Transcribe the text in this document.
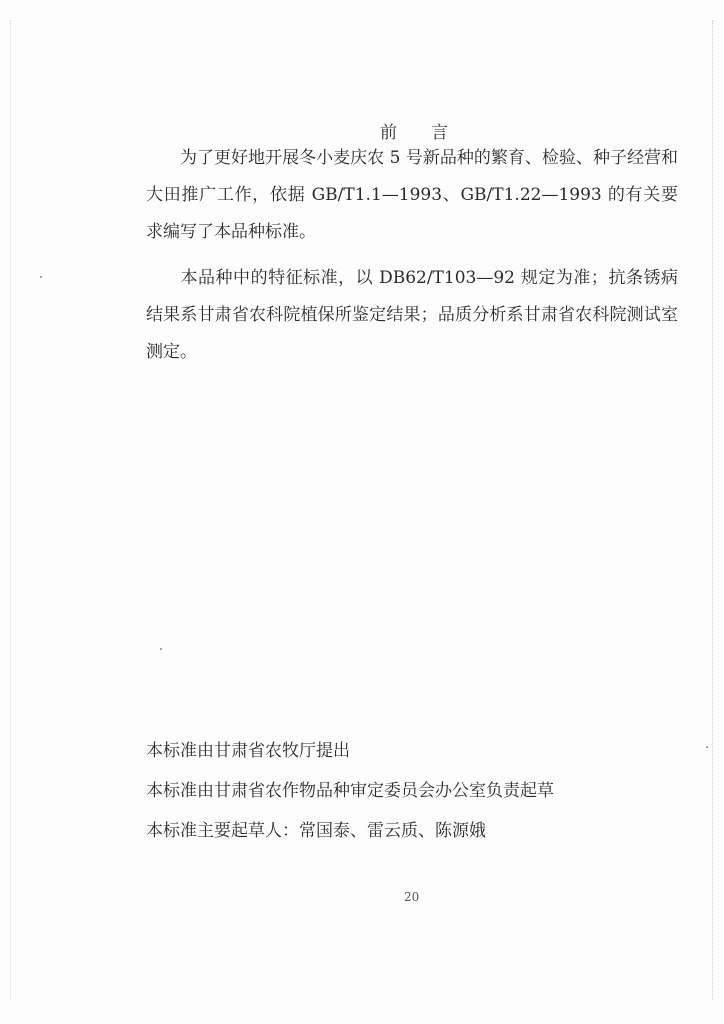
前言

为了更好地开展冬小麦庆农 5 号新品种的繁育、检验、种子经营和大田推广工作，依据 GB/T1.1—1993、GB/T1.22—1993 的有关要求编写了本品种标准。

本品种中的特征标准，以 DB62/T103—92 规定为准；抗条锈病结果系甘肃省农科院植保所鉴定结果；品质分析系甘肃省农科院测试室测定。

本标准由甘肃省农牧厅提出
本标准由甘肃省农作物品种审定委员会办公室负责起草
本标准主要起草人：常国泰、雷云质、陈源娥
20
